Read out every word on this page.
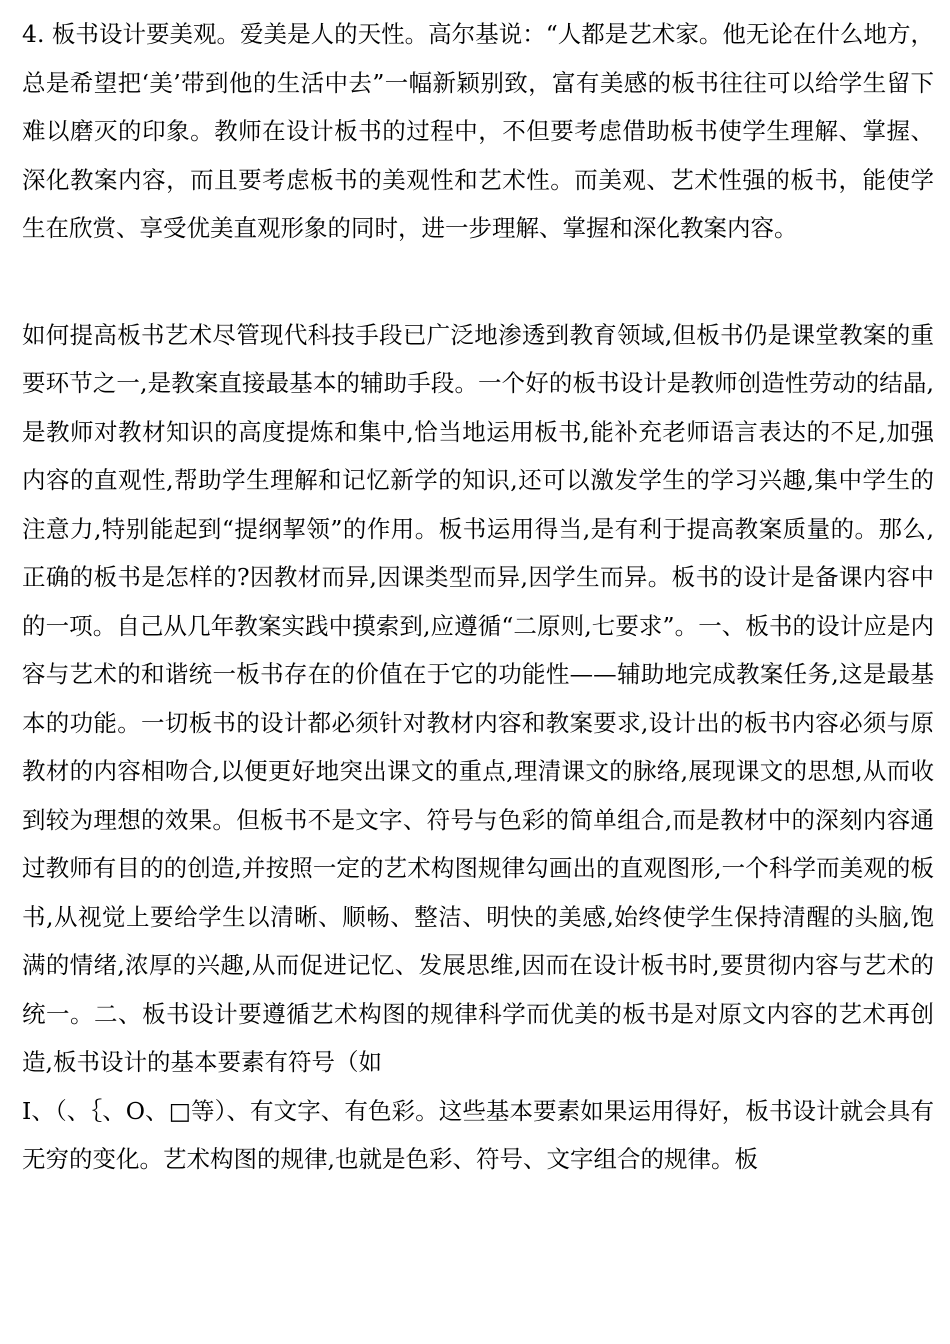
4. 板书设计要美观。爱美是人的天性。高尔基说：“人都是艺术家。他无论在什么地方，总是希望把‘美’带到他的生活中去”一幅新颖别致，富有美感的板书往往可以给学生留下难以磨灭的印象。教师在设计板书的过程中，不但要考虑借助板书使学生理解、掌握、深化教案内容，而且要考虑板书的美观性和艺术性。而美观、艺术性强的板书，能使学生在欣赏、享受优美直观形象的同时，进一步理解、掌握和深化教案内容。

如何提高板书艺术尽管现代科技手段已广泛地渗透到教育领域,但板书仍是课堂教案的重要环节之一,是教案直接最基本的辅助手段。一个好的板书设计是教师创造性劳动的结晶,是教师对教材知识的高度提炼和集中,恰当地运用板书,能补充老师语言表达的不足,加强内容的直观性,帮助学生理解和记忆新学的知识,还可以激发学生的学习兴趣,集中学生的注意力,特别能起到“提纲挈领”的作用。板书运用得当,是有利于提高教案质量的。那么,正确的板书是怎样的?因教材而异,因课类型而异,因学生而异。板书的设计是备课内容中的一项。自己从几年教案实践中摸索到,应遵循“二原则,七要求”。一、板书的设计应是内容与艺术的和谐统一板书存在的价值在于它的功能性——辅助地完成教案任务,这是最基本的功能。一切板书的设计都必须针对教材内容和教案要求,设计出的板书内容必须与原教材的内容相吻合,以便更好地突出课文的重点,理清课文的脉络,展现课文的思想,从而收到较为理想的效果。但板书不是文字、符号与色彩的简单组合,而是教材中的深刻内容通过教师有目的的创造,并按照一定的艺术构图规律勾画出的直观图形,一个科学而美观的板书,从视觉上要给学生以清晰、顺畅、整洁、明快的美感,始终使学生保持清醒的头脑,饱满的情绪,浓厚的兴趣,从而促进记忆、发展思维,因而在设计板书时,要贯彻内容与艺术的统一。二、板书设计要遵循艺术构图的规律科学而优美的板书是对原文内容的艺术再创造,板书设计的基本要素有符号（如

I、（、｛、O、□等）、有文字、有色彩。这些基本要素如果运用得好，板书设计就会具有无穷的变化。艺术构图的规律,也就是色彩、符号、文字组合的规律。板
